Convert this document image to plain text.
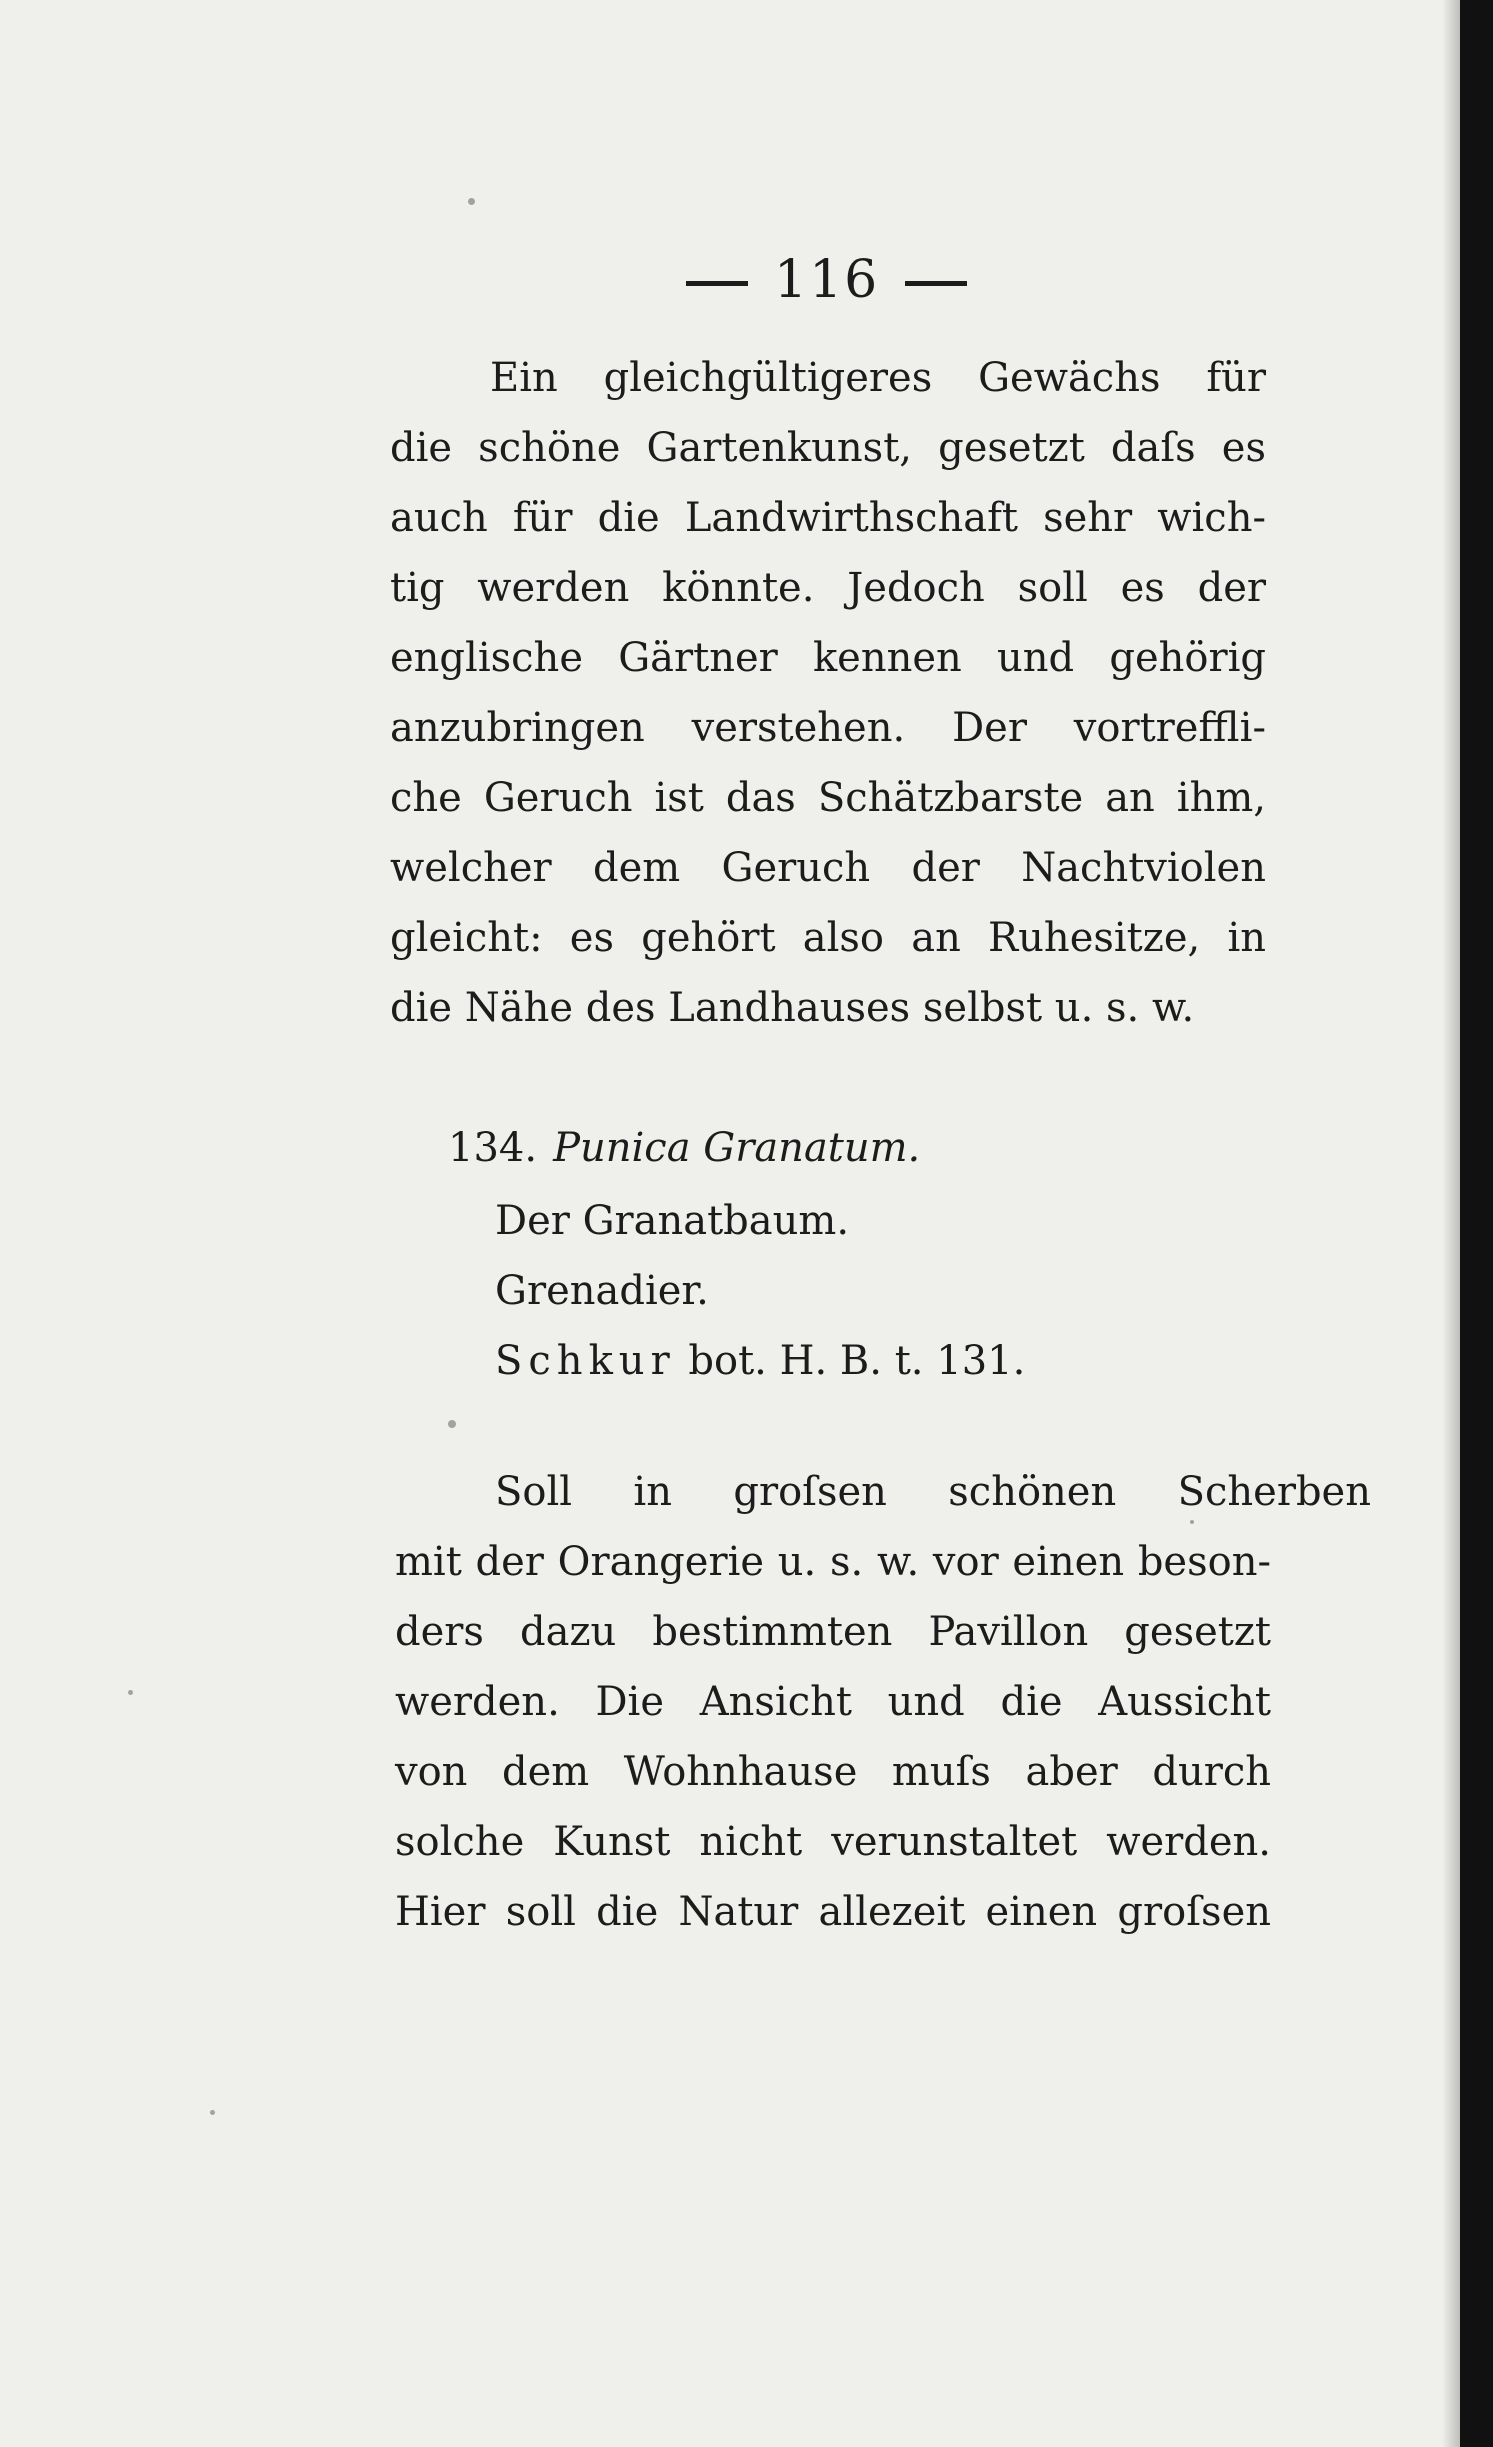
116
Ein gleichgültigeres Gewächs für
die schöne Gartenkunst, gesetzt daſs es
auch für die Landwirthschaft sehr wich-
tig werden könnte. Jedoch soll es der
englische Gärtner kennen und gehörig
anzubringen verstehen. Der vortreffli-
che Geruch ist das Schätzbarste an ihm,
welcher dem Geruch der Nachtviolen
gleicht: es gehört also an Ruhesitze, in
die Nähe des Landhauses selbst u. s. w.
134. Punica Granatum.
Der Granatbaum.
Grenadier.
Schkur bot. H. B. t. 131.
Soll in groſsen schönen Scherben
mit der Orangerie u. s. w. vor einen beson-
ders dazu bestimmten Pavillon gesetzt
werden. Die Ansicht und die Aussicht
von dem Wohnhause muſs aber durch
solche Kunst nicht verunstaltet werden.
Hier soll die Natur allezeit einen groſsen
